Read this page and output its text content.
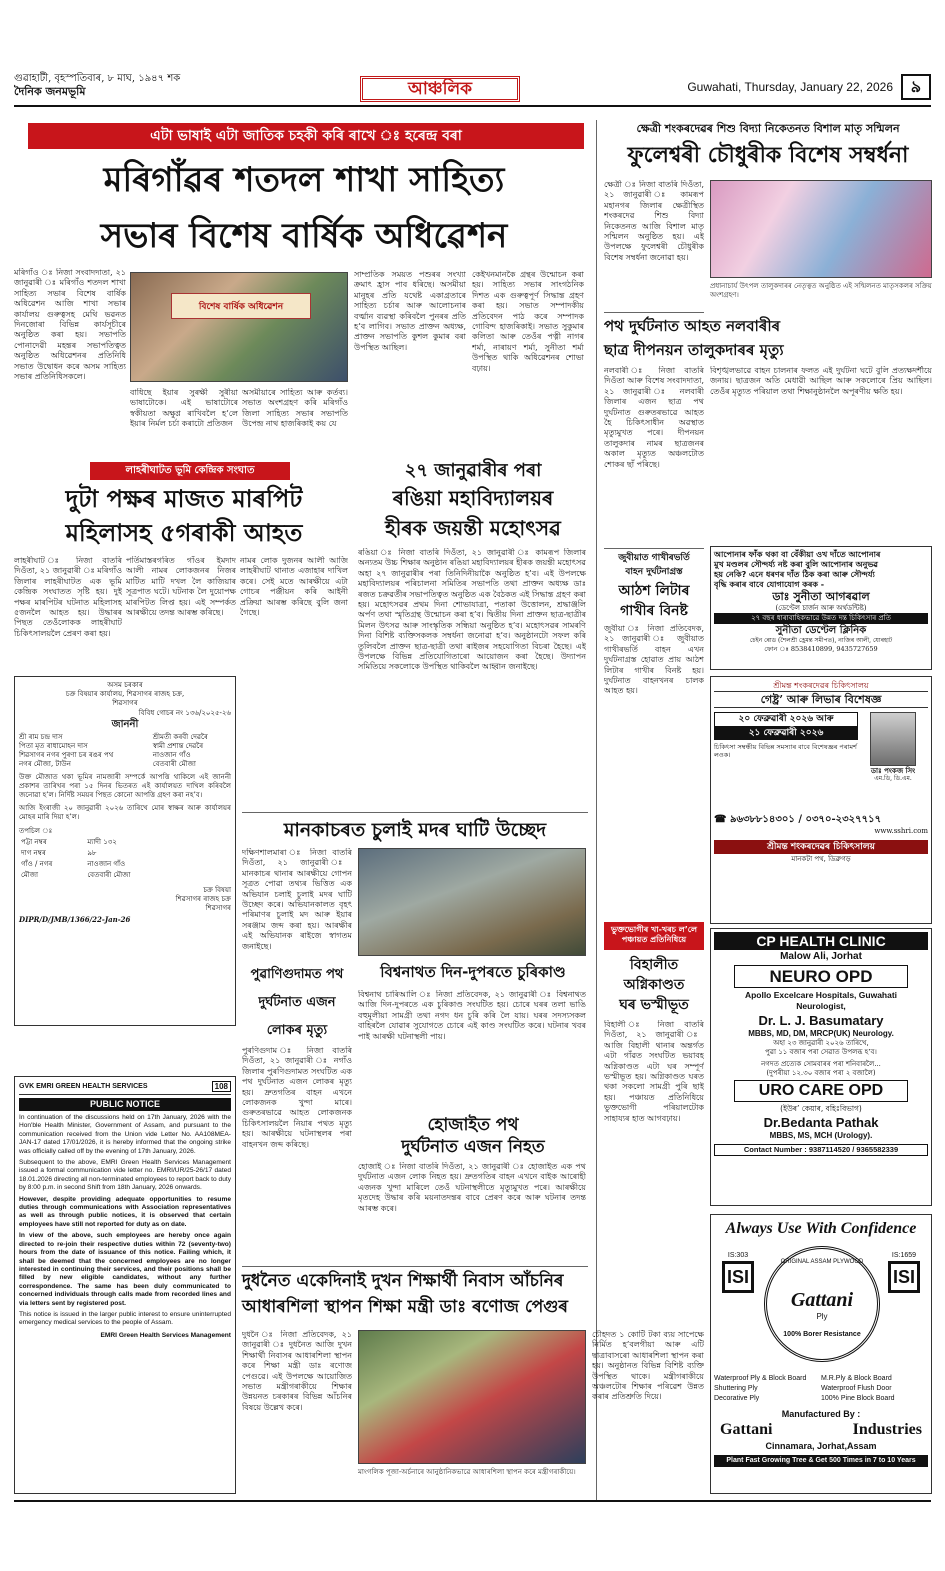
গুৱাহাটী, বৃহস্পতিবাৰ, ৮ মাঘ, ১৯৪৭ শক
দৈনিক জনমভূমি	আঞ্চলিক	Guwahati, Thursday, January 22, 2026	৯
এটা ভাষাই এটা জাতিক চহকী কৰি ৰাখে ঃ হৰেন্দ্ৰ বৰা
মৰিগাঁৱৰ শতদল শাখা সাহিত্য
সভাৰ বিশেষ বাৰ্ষিক অধিৱেশন
মৰিগাঁও ঃ নিজা সংবাদদাতা, ২১ জানুৱাৰী ঃ মৰিগাঁও শতদল শাখা সাহিত্য সভাৰ বিশেষ বাৰ্ষিক অধিৱেশন আজি শাখা সভাৰ কাৰ্যালয় গুৰুত্বসহ মেথি ভৱনত দিনজোৰা বিভিন্ন কাৰ্যসূচীৰে অনুষ্ঠিত কৰা হয়। সভাপতি পোনাদেৱী মহন্তৰ সভাপতিত্বত অনুষ্ঠিত অধিৱেশনৰ প্ৰতিনিধি সভাত উদ্বোধন কৰে অসম সাহিত্য সভাৰ প্ৰতিনিধিসকলে।
বিশেষ বাৰ্ষিক অধিৱেশন
বাধিছে ইয়াৰ সুৰক্ষী সুৰীয়া ভাষাটোকে। এই ভাষাটোৰে স্বকীয়তা অক্ষুণ্ণ ৰাখিবলৈ হ’লে ইয়াৰ নিৰ্মল চৰ্চা কৰাটো প্ৰতিজন
অসমীয়াৰে সাহিত্য আৰু কৰ্তব্য। সভাত অংশগ্ৰহণ কৰি মৰিগাঁও জিলা সাহিত্য সভাৰ সভাপতি উপেন্দ্ৰ নাথ হাজৰিকাই কয় যে
সাম্প্ৰতিক সময়ত পশুৰৰ সংখ্যা ক্ৰমাৎ হ্ৰাস পাব ধৰিছে। অসমীয়া মানুহৰ প্ৰতি যথেষ্ট একাগ্ৰতাৰে সাহিত্য চৰ্চাৰ আৰু আলোচনাৰ বৰ্ত্মান ব্যৱস্থা কৰিবলৈ পুনৰৰ প্ৰতি হ’ব লাগিব। সভাত প্ৰাক্তন অধ্যক্ষ, প্ৰাক্তন সভাপতি কুশল কুমাৰ বৰা উপস্থিত আছিল।
কেইখনমানকৈ গ্ৰন্থৰ উন্মোচন কৰা হয়। সাহিত্য সভাৰ সাংগঠনিক দিশত এক গুৰুত্বপূৰ্ণ সিদ্ধান্ত গ্ৰহণ কৰা হয়। সভাত সম্পাদকীয় প্ৰতিবেদন পাঠ কৰে সম্পাদক গোবিন্দ হাজৰিকাই। সভাত সুকুমাৰ কলিতা আৰু তেওঁৰ পত্নী নাগৰ শৰ্মা, নাৰায়ণ শৰ্মা, সুনীতা শৰ্মা উপস্থিত থাকি অধিৱেশনৰ শোভা বঢ়ায়।
লাহৰীঘাটত ভূমি কেন্দ্ৰিক সংঘাত
দুটা পক্ষৰ মাজত মাৰপিট
মহিলাসহ ৫গৰাকী আহত
লাহৰীঘাট ঃ নিজা বাতৰি দিওঁতা, ২১ জানুৱাৰী ঃ মৰিগাঁও জিলাৰ লাহৰীঘাটত এক ভূমি কেন্দ্ৰিক সংঘাতত সৃষ্টি হয়। দুই পক্ষৰ মাৰপিটৰ ঘটনাত মহিলাসহ ৫জনলৈ আহত হয়। উদ্ধাৰৰ পিছত তেওঁলোকক লাহৰীঘাট চিকিৎসালয়লৈ প্ৰেৰণ কৰা হয়।
পৰ্তিমাস্তৰগৰিত গাঁওৰ ইমদাদ আলী নামৰ লোকজনৰ নিজৰ মাটিত মাটি দখল লৈ কাজিয়াৰ সূত্ৰপাত ঘটে। ঘটনাক লৈ দুয়োপক্ষ মাৰপিটত লিপ্ত হয়। এই সম্পৰ্কত আৰক্ষীয়ে তদন্ত আৰম্ভ কৰিছে।
নামৰ লোক দুজনৰ আলী আজি লাহৰীঘাট থানাত এজাহাৰ দাখিল কৰে। সেই মতে আৰক্ষীয়ে এটা গোচৰ পঞ্জীয়ন কৰি আইনী প্ৰক্ৰিয়া আৰম্ভ কৰিছে বুলি জনা গৈছে।
২৭ জানুৱাৰীৰ পৰা
ৰঙিয়া মহাবিদ্যালয়ৰ
হীৰক জয়ন্তী মহোৎসৱ
ৰঙিয়া ঃ নিজা বাতৰি দিওঁতা, ২১ জানুৱাৰী ঃ কামৰূপ জিলাৰ অন্যতম উচ্চ শিক্ষাৰ অনুষ্ঠান ৰঙিয়া মহাবিদ্যালয়ৰ হীৰক জয়ন্তী মহোৎসৱ অহা ২৭ জানুৱাৰীৰ পৰা তিনিদিনীয়াকৈ অনুষ্ঠিত হ’ব। এই উপলক্ষে মহাবিদ্যালয়ৰ পৰিচালনা সমিতিৰ সভাপতি তথা প্ৰাক্তন অধ্যক্ষ ডাঃ ৰজত চক্ৰৱৰ্তীৰ সভাপতিত্বত অনুষ্ঠিত এক বৈঠকত এই সিদ্ধান্ত গ্ৰহণ কৰা হয়। মহোৎসৱৰ প্ৰথম দিনা শোভাযাত্ৰা, পতাকা উত্তোলন, শ্ৰদ্ধাঞ্জলি অৰ্পণ তথা স্মৃতিগ্ৰন্থ উন্মোচন কৰা হ’ব। দ্বিতীয় দিনা প্ৰাক্তন ছাত্ৰ-ছাত্ৰীৰ মিলন উৎসৱ আৰু সাংস্কৃতিক সন্ধিয়া অনুষ্ঠিত হ’ব। মহোৎসৱৰ সামৰণি দিনা বিশিষ্ট ব্যক্তিসকলক সম্বৰ্ধনা জনোৱা হ’ব। অনুষ্ঠানটো সফল কৰি তুলিবলৈ প্ৰাক্তন ছাত্ৰ-ছাত্ৰী তথা ৰাইজৰ সহযোগিতা বিচৰা হৈছে। এই উপলক্ষে বিভিন্ন প্ৰতিযোগিতাৰো আয়োজন কৰা হৈছে। উদ্যাপন সমিতিয়ে সকলোকে উপস্থিত থাকিবলৈ আহ্বান জনাইছে।
অসম চৰকাৰ
চক্ৰ বিষয়াৰ কাৰ্যালয়, শিৱসাগৰ ৰাজহ চক্ৰ,
শিৱসাগৰ
বিবিধ গোচৰ নং ১৩৬/২০২৫-২৬
জাননী
শ্ৰী ৰাম চন্দ্ৰ দাস	শ্ৰীমতী কৰবী দেৱৰৈ
পিতা মৃত ৰাধামোহন দাস	স্বামী প্ৰশান্ত দেৱৰৈ
শিৱসাগৰ নগৰ পুৰণা চৰ ৰঙৰ পথ	নাওজান গাঁও
নগৰ মৌজা, টাউন	বেতবাৰী মৌজা
উক্ত মৌজাত থকা ভূমিৰ নামজাৰী সম্পৰ্কে আপত্তি থাকিলে এই জাননী প্ৰকাশৰ তাৰিখৰ পৰা ১৫ দিনৰ ভিতৰত এই কাৰ্যালয়ত দাখিল কৰিবলৈ জনোৱা হ’ল। নিৰ্দিষ্ট সময়ৰ পিছত কোনো আপত্তি গ্ৰহণ কৰা নহ’ব।
আজি ইংৰাজী ২০ জানুৱাৰী ২০২৬ তাৰিখে মোৰ স্বাক্ষৰ আৰু কাৰ্যালয়ৰ মোহৰ মাৰি দিয়া হ’ল।
তপচিল ঃ
পট্টা নম্বৰ	ম্যাদী ১৩২
দাগ নম্বৰ	৯৮
গাঁও / নগৰ	নাওজান গাঁও
মৌজা	বেতবাৰী মৌজা
চক্ৰ বিষয়া
শিৱসাগৰ ৰাজহ চক্ৰ
শিৱসাগৰ
DIPR/D/JMB/1366/22-Jan-26
মানকাচৰত চুলাই মদৰ ঘাটি উচ্ছেদ
দক্ষিণশালমাৰা ঃ নিজা বাতৰি দিওঁতা, ২১ জানুৱাৰী ঃ মানকাচৰ থানাৰ আৰক্ষীয়ে গোপন সূত্ৰত পোৱা তথ্যৰ ভিত্তিত এক অভিযান চলাই চুলাই মদৰ ঘাটি উচ্ছেদ কৰে। অভিযানকালত বৃহৎ পৰিমাণৰ চুলাই মদ আৰু ইয়াৰ সৰঞ্জাম জব্দ কৰা হয়। আৰক্ষীৰ এই অভিযানক ৰাইজে স্বাগতম জনাইছে।
পুৱাণিগুদামত পথ
দুৰ্ঘটনাত এজন
লোকৰ মৃত্যু
পুৰণিগুদাম ঃ নিজা বাতৰি দিওঁতা, ২১ জানুৱাৰী ঃ নগাঁও জিলাৰ পুৰণিগুদামত সংঘটিত এক পথ দুৰ্ঘটনাত এজন লোকৰ মৃত্যু হয়। দ্ৰুতগতিৰ বাহন এখনে লোকজনক খুন্দা মাৰে। গুৰুতৰভাৱে আহত লোকজনক চিকিৎসালয়লৈ নিয়াৰ পথত মৃত্যু হয়। আৰক্ষীয়ে ঘটনাস্থলৰ পৰা বাহনখন জব্দ কৰিছে।
বিশ্বনাথত দিন-দুপৰতে চুৰিকাণ্ড
বিশ্বনাথ চাৰিআলি ঃ নিজা প্ৰতিবেদক, ২১ জানুৱাৰী ঃ বিশ্বনাথত আজি দিন-দুপৰতে এক চুৰিকাণ্ড সংঘটিত হয়। চোৰে ঘৰৰ তলা ভাঙি বহুমূলীয়া সামগ্ৰী তথা নগদ ধন চুৰি কৰি লৈ যায়। ঘৰৰ সদস্যসকল বাহিৰলৈ যোৱাৰ সুযোগতে চোৰে এই কাণ্ড সংঘটিত কৰে। ঘটনাৰ খবৰ পাই আৰক্ষী ঘটনাস্থলী পায়।
হোজাইত পথ
দুৰ্ঘটনাত এজন নিহত
হোজাই ঃ নিজা বাতৰি দিওঁতা, ২১ জানুৱাৰী ঃ হোজাইত এক পথ দুৰ্ঘটনাত এজন লোক নিহত হয়। দ্ৰুতগতিৰ বাহন এখনে বাইক আৰোহী এজনক খুন্দা মাৰিলে তেওঁ ঘটনাস্থলীতে মৃত্যুমুখত পৰে। আৰক্ষীয়ে মৃতদেহ উদ্ধাৰ কৰি ময়নাতদন্তৰ বাবে প্ৰেৰণ কৰে আৰু ঘটনাৰ তদন্ত আৰম্ভ কৰে।
GVK EMRI GREEN HEALTH SERVICES	108
PUBLIC NOTICE
In continuation of the discussions held on 17th January, 2026 with the Hon'ble Health Minister, Government of Assam, and pursuant to the communication received from the Union vide Letter No. AA108MEA-JAN-17 dated 17/01/2026, it is hereby informed that the ongoing strike was officially called off by the evening of 17th January, 2026.
Subsequent to the above, EMRI Green Health Services Management issued a formal communication vide letter no. EMRI/UR/25-26/17 dated 18.01.2026 directing all non-terminated employees to report back to duty by 8:00 p.m. in second Shift from 18th January, 2026 onwards.
However, despite providing adequate opportunities to resume duties through communications with Association representatives as well as through public notices, it is observed that certain employees have still not reported for duty as on date.
In view of the above, such employees are hereby once again directed to re-join their respective duties within 72 (seventy-two) hours from the date of issuance of this notice. Failing which, it shall be deemed that the concerned employees are no longer interested in continuing their services, and their positions shall be filled by new eligible candidates, without any further correspondence. The same has been duly communicated to concerned individuals through calls made from recorded lines and via letters sent by registered post.
This notice is issued in the larger public interest to ensure uninterrupted emergency medical services to the people of Assam.
EMRI Green Health Services Management
দুধনৈত একেদিনাই দুখন শিক্ষাৰ্থী নিবাস আঁচনিৰ
আধাৰশিলা স্থাপন শিক্ষা মন্ত্ৰী ডাঃ ৰণোজ পেগুৰ
দুধনৈ ঃ নিজা প্ৰতিবেদক, ২১ জানুৱাৰী ঃ দুধনৈত আজি দুখন শিক্ষাৰ্থী নিবাসৰ আধাৰশিলা স্থাপন কৰে শিক্ষা মন্ত্ৰী ডাঃ ৰণোজ পেগুৱে। এই উপলক্ষে আয়োজিত সভাত মন্ত্ৰীগৰাকীয়ে শিক্ষাৰ উন্নয়নত চৰকাৰৰ বিভিন্ন আঁচনিৰ বিষয়ে উল্লেখ কৰে।
মাংগলিক পূজা-অৰ্চনাৰে আনুষ্ঠানিকভাৱে আধাৰশিলা স্থাপন কৰে মন্ত্ৰীগৰাকীয়ে।
চৌহদত ১ কোটি টকা ব্যয় সাপেক্ষে নিৰ্মিত হ’বলগীয়া আৰু এটি ছাত্ৰাবাসৰো আধাৰশিলা স্থাপন কৰা হয়। অনুষ্ঠানত বিভিন্ন বিশিষ্ট ব্যক্তি উপস্থিত থাকে। মন্ত্ৰীগৰাকীয়ে অঞ্চলটোৰ শিক্ষাৰ পৰিৱেশ উন্নত কৰাৰ প্ৰতিশ্ৰুতি দিয়ে।
ক্ষেত্ৰী শংকৰদেৱৰ শিশু বিদ্যা নিকেতনত বিশাল মাতৃ সন্মিলন
ফুলেশ্বৰী চৌধুৰীক বিশেষ সম্বৰ্ধনা
ক্ষেত্ৰী ঃ নিজা বাতৰি দিওঁতা, ২১ জানুৱাৰী ঃ কামৰূপ মহানগৰ জিলাৰ ক্ষেত্ৰীস্থিত শংকৰদেৱ শিশু বিদ্যা নিকেতনত আজি বিশাল মাতৃ সন্মিলন অনুষ্ঠিত হয়। এই উপলক্ষে ফুলেশ্বৰী চৌধুৰীক বিশেষ সম্বৰ্ধনা জনোৱা হয়।
প্ৰধানাচাৰ্য উৎপল তালুকদাৰৰ নেতৃত্বত অনুষ্ঠিত এই সন্মিলনত মাতৃসকলৰ সক্ৰিয় অংশগ্ৰহণ।
পথ দুৰ্ঘটনাত আহত নলবাৰীৰ
ছাত্ৰ দীপনয়ন তালুকদাৰৰ মৃত্যু
নলবাৰী ঃ নিজা বাতৰি দিওঁতা আৰু বিশেষ সংবাদদাতা, ২১ জানুৱাৰী ঃ নলবাৰী জিলাৰ এজন ছাত্ৰ পথ দুৰ্ঘটনাত গুৰুতৰভাৱে আহত হৈ চিকিৎসাধীন অৱস্থাত মৃত্যুমুখত পৰে। দীপনয়ন তালুকদাৰ নামৰ ছাত্ৰজনৰ অকাল মৃত্যুত অঞ্চলটোত শোকৰ ছাঁ পৰিছে।
বিশৃঙ্খলভাৱে বাহন চালনাৰ ফলত এই দুৰ্ঘটনা ঘটে বুলি প্ৰত্যক্ষদৰ্শীয়ে জনায়। ছাত্ৰজন অতি মেধাৱী আছিল আৰু সকলোৰে প্ৰিয় আছিল। তেওঁৰ মৃত্যুত পৰিয়াল তথা শিক্ষানুষ্ঠানলৈ অপূৰণীয় ক্ষতি হয়।
জুবীয়াত গাখীৰভৰ্তি
বাহন দুৰ্ঘটনাগ্ৰস্ত
আঠশ লিটাৰ
গাখীৰ বিনষ্ট
জুবীয়া ঃ নিজা প্ৰতিবেদক, ২১ জানুৱাৰী ঃ জুবীয়াত গাখীৰভৰ্তি বাহন এখন দুৰ্ঘটনাগ্ৰস্ত হোৱাত প্ৰায় আঠশ লিটাৰ গাখীৰ বিনষ্ট হয়। দুৰ্ঘটনাত বাহনখনৰ চালক আহত হয়।
ভুক্তভোগীৰ খা-খৰচ ল’লে পঞ্চায়ত প্ৰতিনিধিয়ে
বিহালীত
অগ্নিকাণ্ডত
ঘৰ ভস্মীভূত
বিহালী ঃ নিজা বাতৰি দিওঁতা, ২১ জানুৱাৰী ঃ আজি বিহালী থানাৰ অন্তৰ্গত এটা গাঁৱত সংঘটিত ভয়াবহ অগ্নিকাণ্ডত এটা ঘৰ সম্পূৰ্ণ ভস্মীভূত হয়। অগ্নিকাণ্ডত ঘৰত থকা সকলো সামগ্ৰী পুৰি ছাই হয়। পঞ্চায়ত প্ৰতিনিধিয়ে ভুক্তভোগী পৰিয়ালটোক সাহায্যৰ হাত আগবঢ়ায়।
আপোনাৰ ফাঁক থকা বা বেঁকীয়া ওখ দাঁতে আপোনাৰ
মুখ মণ্ডলৰ সৌন্দৰ্য্য নষ্ট কৰা বুলি আপোনাৰ অনুভৱ
হয় নেকি? এনে ধৰণৰ দাঁত ঠিক কৰা আৰু সৌন্দৰ্য্য
বৃদ্ধি কৰাৰ বাবে যোগাযোগ কৰক -
ডাঃ সুনীতা আগৰৱাল
(ডেণ্টেল চাৰ্জন আৰু অৰ্থডন্টিষ্ট)
২৭ বছৰ ধাৰাবাহিকভাৱে উন্নত দন্ত চিকিৎসাৰ প্ৰতি
সুনীতা ডেণ্টেল ক্লিনিক
চেইন ৰোড (শৈলশ্ৰী হ্ৰেমন্ত সমীপত), নাজিৰ আলী, যোৰহাট
ফোন ঃ 8538410899, 9435727659
শ্ৰীমন্ত শংকৰদেৱৰ চিকিৎসালয়
গেষ্ট্ৰ’ আৰু লিভাৰ বিশেষজ্ঞ
২০ ফেব্ৰুৱাৰী ২০২৬ আৰু
২১ ফেব্ৰুৱাৰী ২০২৬
চিকিৎসা সম্বন্ধীয় বিভিন্ন সমস্যাৰ বাবে বিশেষজ্ঞৰ পৰামৰ্শ লওক।
ডাঃ পংকজ সিং
এম.ডি, ডি.এম.
☎ ৯৬৩৮৮১৪৩০১ / ০৩৭০-২৩২৭৭১৭
www.sshri.com
শ্ৰীমন্ত শংকৰদেৱৰ চিকিৎসালয়
মানকটা পথ, ডিব্ৰুগড়
CP HEALTH CLINIC
Malow Ali, Jorhat
NEURO OPD
Apollo Excelcare Hospitals, Guwahati
Neurologist,
Dr. L. J. Basumatary
MBBS, MD, DM, MRCP(UK) Neurology.
অহা ২৩ জানুৱাৰী ২০২৬ তাৰিখে,
পুৱা ১১ বজাৰ পৰা সেৱাত উপলব্ধ হ’ব।
নগদত প্ৰত্যেক সোমবাৰৰ পৰা শনিবাৰলৈ...
(দুপৰীয়া ১২.৩০ বজাৰ পৰা ২ বজালৈ)
URO CARE OPD
(ইউৰ’ কেয়াৰ, বহিঃবিভাগ)
Dr.Bedanta Pathak
MBBS, MS, MCH (Urology).
Contact Number : 9387114520 / 9365582339
Always Use With Confidence
IS:303
ISI
IS:1659
ISI
ORIGINAL ASSAM PLYWOOD
Gattani
Ply
100% Borer Resistance
Waterproof Ply & Block Board
Shuttering Ply
Decorative Ply
M.R.Ply & Block Board
Waterproof Flush Door
100% Pine Block Board
Manufactured By :
Gattani	Industries
Cinnamara, Jorhat,Assam
Plant Fast Growing Tree & Get 500 Times in 7 to 10 Years
